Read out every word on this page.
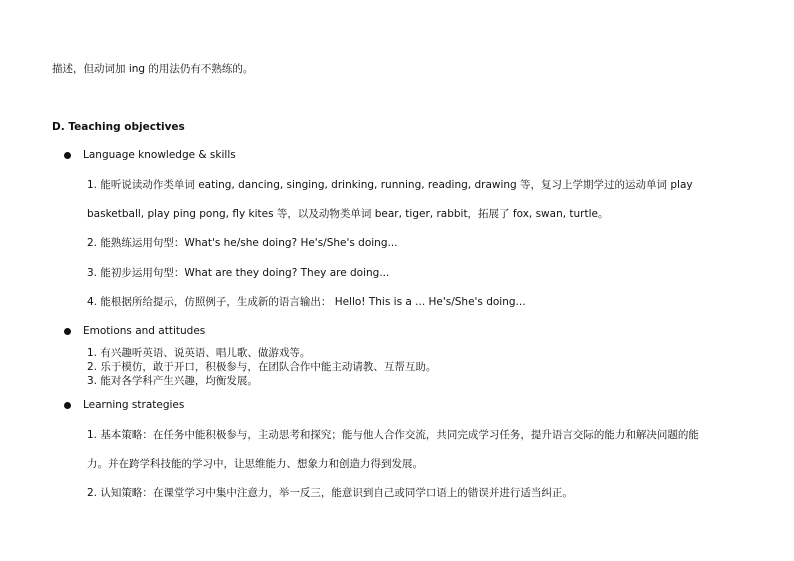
描述，但动词加 ing 的用法仍有不熟练的。
D. Teaching objectives
Language knowledge & skills
1. 能听说读动作类单词 eating, dancing, singing, drinking, running, reading, drawing 等，复习上学期学过的运动单词 play
basketball, play ping pong, fly kites 等，以及动物类单词 bear, tiger, rabbit，拓展了 fox, swan, turtle。
2. 能熟练运用句型：What's he/she doing? He's/She's doing...
3. 能初步运用句型：What are they doing? They are doing...
4. 能根据所给提示，仿照例子，生成新的语言输出： Hello! This is a ... He's/She's doing...
Emotions and attitudes
1. 有兴趣听英语、说英语、唱儿歌、做游戏等。
2. 乐于模仿，敢于开口，积极参与，在团队合作中能主动请教、互帮互助。
3. 能对各学科产生兴趣，均衡发展。
Learning strategies
1. 基本策略：在任务中能积极参与，主动思考和探究；能与他人合作交流，共同完成学习任务，提升语言交际的能力和解决问题的能
力。并在跨学科技能的学习中，让思维能力、想象力和创造力得到发展。
2. 认知策略：在课堂学习中集中注意力，举一反三，能意识到自己或同学口语上的错误并进行适当纠正。
